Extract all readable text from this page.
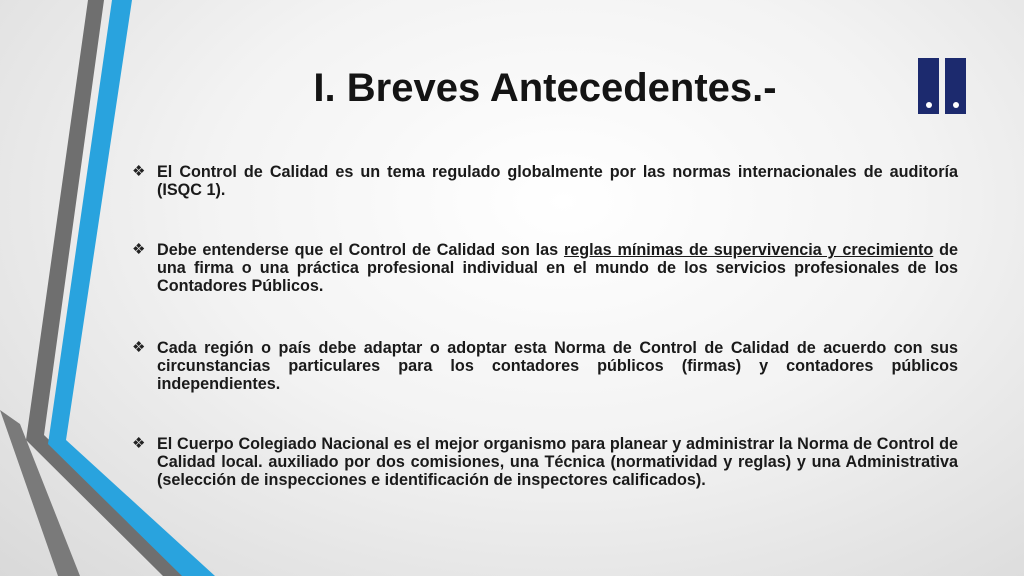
I. Breves Antecedentes.-
❖ El Control de Calidad es un tema regulado globalmente por las normas internacionales de auditoría (ISQC 1).
❖ Debe entenderse que el Control de Calidad son las reglas mínimas de supervivencia y crecimiento de una firma o una práctica profesional individual en el mundo de los servicios profesionales de los Contadores Públicos.
❖ Cada región o país debe adaptar o adoptar esta Norma de Control de Calidad de acuerdo con sus circunstancias particulares para los contadores públicos (firmas) y contadores públicos independientes.
❖ El Cuerpo Colegiado Nacional es el mejor organismo para planear y administrar la Norma de Control de Calidad local. auxiliado por dos comisiones, una Técnica (normatividad y reglas) y una Administrativa (selección de inspecciones e identificación de inspectores calificados).
